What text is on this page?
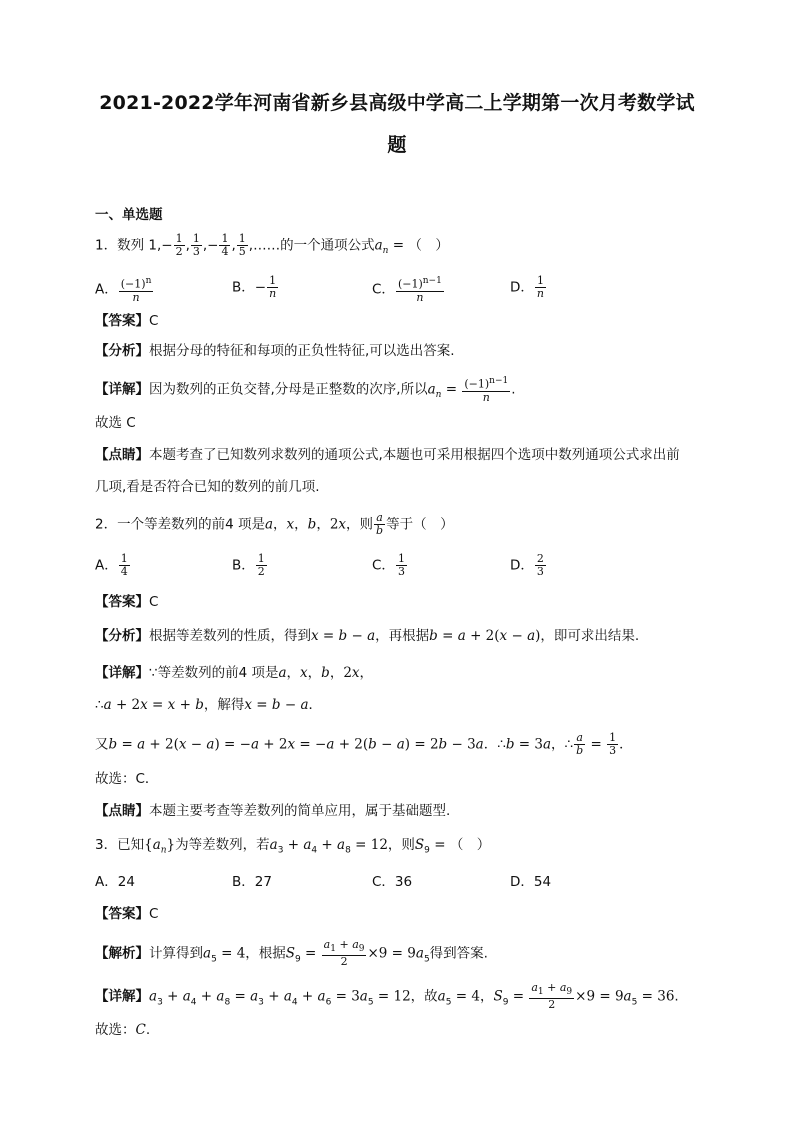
2021-2022学年河南省新乡县高级中学高二上学期第一次月考数学试
题
一、单选题
1．数列 $1,- \frac{1}{2}$ , $\frac{1}{3}$ ,− $\frac{1}{4}$ , $\frac{1}{5}$ ,……的一个通项公式$a_n$ = （　）
A． $\frac{(-1)^n}{n}$	B．− $\frac{1}{n}$	C． $\frac{(-1)^{n-1}}{n}$	D． $\frac{1}{n}$
【答案】C
【分析】根据分母的特征和每项的正负性特征,可以选出答案.
【详解】因为数列的正负交替,分母是正整数的次序,所以$a_n = \frac{(-1)^{n-1}}{n}$ .
故选 C
【点睛】本题考查了已知数列求数列的通项公式,本题也可采用根据四个选项中数列通项公式求出前
几项,看是否符合已知的数列的前几项.
2．一个等差数列的前4 项是a，x，b，2x，则 $\frac{a}{b}$ 等于（　）
A． $\frac{1}{4}$	B． $\frac{1}{2}$	C． $\frac{1}{3}$	D． $\frac{2}{3}$
【答案】C
【分析】根据等差数列的性质，得到x = b − a，再根据b = a + 2(x − a)，即可求出结果.
【详解】∵等差数列的前4 项是a，x，b，2x，
∴a + 2x = x + b，解得x = b − a．
又b = a + 2(x − a) = −a + 2x = −a + 2(b − a) = 2b − 3a．∴b = 3a，∴ $\frac{a}{b} = \frac{1}{3}$ ．
故选：C．
【点睛】本题主要考查等差数列的简单应用，属于基础题型.
3．已知$\{a_n\}$为等差数列，若$a_3 + a_4 + a_8 = 12$，则$S_9$ = （　）
A．24	B．27	C．36	D．54
【答案】C
【解析】计算得到$a_5 = 4$，根据$S_9 = \frac{a_1 + a_9}{2} \times 9 = 9a_5$得到答案.
【详解】$a_3 + a_4 + a_8 = a_3 + a_4 + a_6 = 3a_5 = 12$，故$a_5 = 4$，$S_9 = \frac{a_1 + a_9}{2} \times 9 = 9a_5 = 36$.
故选：C.
